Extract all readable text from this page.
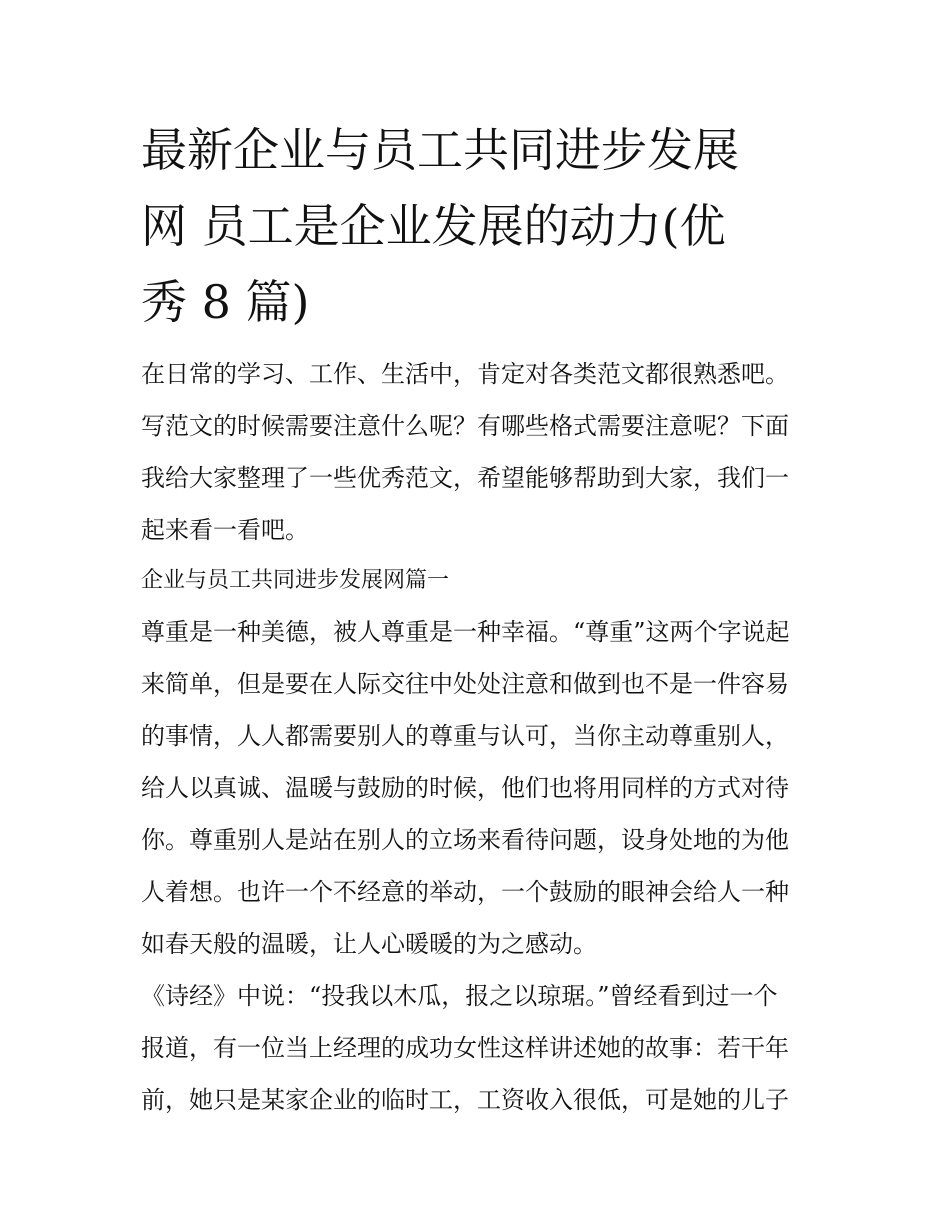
最新企业与员工共同进步发展
网 员工是企业发展的动力(优
秀 8 篇)
在日常的学习、工作、生活中，肯定对各类范文都很熟悉吧。
写范文的时候需要注意什么呢？有哪些格式需要注意呢？下面
我给大家整理了一些优秀范文，希望能够帮助到大家，我们一
起来看一看吧。
企业与员工共同进步发展网篇一
尊重是一种美德，被人尊重是一种幸福。“尊重”这两个字说起
来简单，但是要在人际交往中处处注意和做到也不是一件容易
的事情，人人都需要别人的尊重与认可，当你主动尊重别人，
给人以真诚、温暖与鼓励的时候，他们也将用同样的方式对待
你。尊重别人是站在别人的立场来看待问题，设身处地的为他
人着想。也许一个不经意的举动，一个鼓励的眼神会给人一种
如春天般的温暖，让人心暖暖的为之感动。
《诗经》中说：“投我以木瓜，报之以琼琚。”曾经看到过一个
报道，有一位当上经理的成功女性这样讲述她的故事：若干年
前，她只是某家企业的临时工，工资收入很低，可是她的儿子
